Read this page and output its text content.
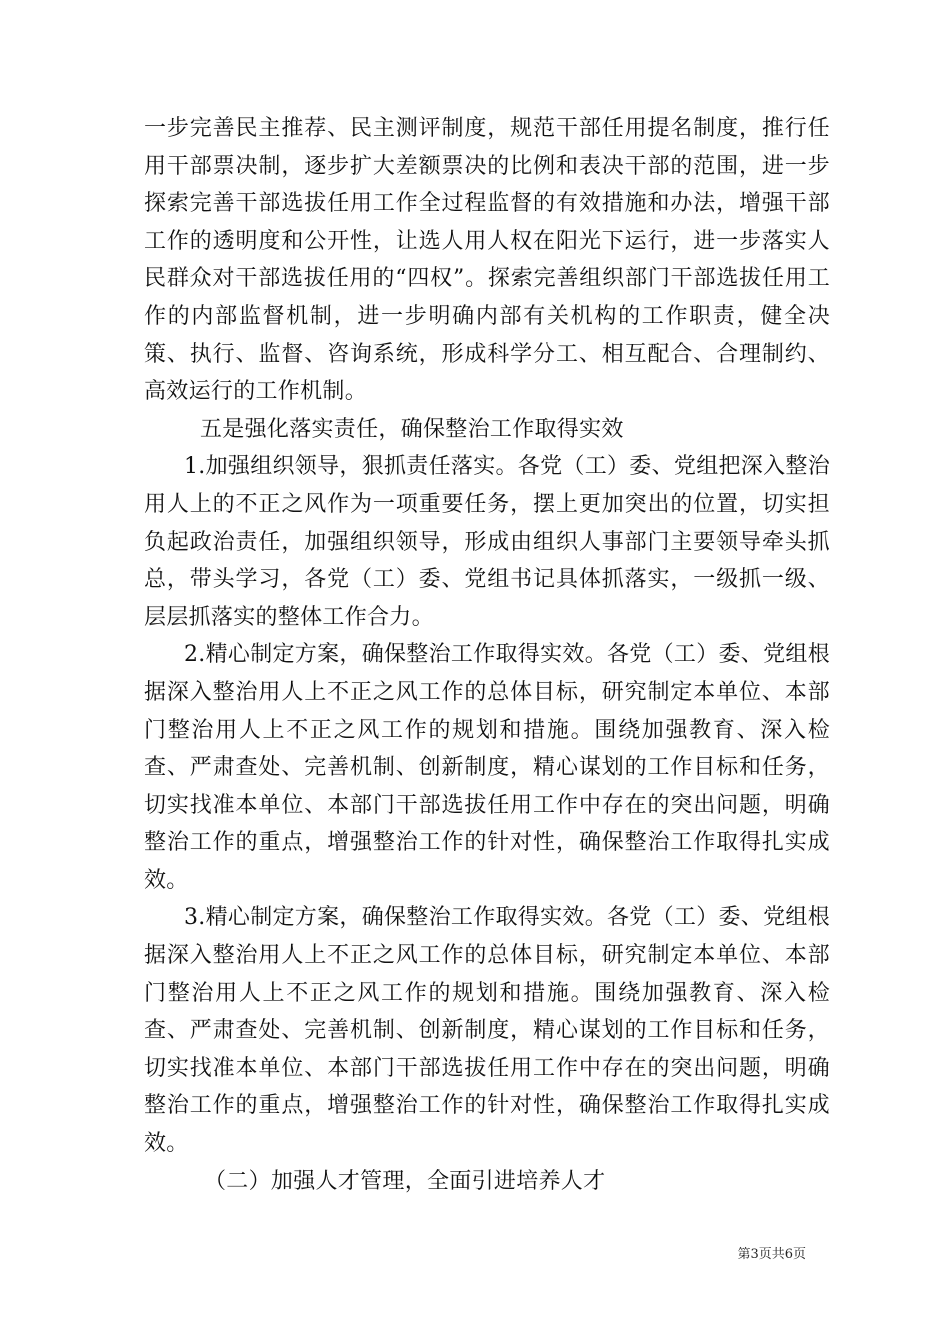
一步完善民主推荐、民主测评制度，规范干部任用提名制度，推行任用干部票决制，逐步扩大差额票决的比例和表决干部的范围，进一步探索完善干部选拔任用工作全过程监督的有效措施和办法，增强干部工作的透明度和公开性，让选人用人权在阳光下运行，进一步落实人民群众对干部选拔任用的“四权”。探索完善组织部门干部选拔任用工作的内部监督机制，进一步明确内部有关机构的工作职责，健全决策、执行、监督、咨询系统，形成科学分工、相互配合、合理制约、高效运行的工作机制。

五是强化落实责任，确保整治工作取得实效

1.加强组织领导，狠抓责任落实。各党（工）委、党组把深入整治用人上的不正之风作为一项重要任务，摆上更加突出的位置，切实担负起政治责任，加强组织领导，形成由组织人事部门主要领导牵头抓总，带头学习，各党（工）委、党组书记具体抓落实，一级抓一级、层层抓落实的整体工作合力。

2.精心制定方案，确保整治工作取得实效。各党（工）委、党组根据深入整治用人上不正之风工作的总体目标，研究制定本单位、本部门整治用人上不正之风工作的规划和措施。围绕加强教育、深入检查、严肃查处、完善机制、创新制度，精心谋划的工作目标和任务，切实找准本单位、本部门干部选拔任用工作中存在的突出问题，明确整治工作的重点，增强整治工作的针对性，确保整治工作取得扎实成效。

3.精心制定方案，确保整治工作取得实效。各党（工）委、党组根据深入整治用人上不正之风工作的总体目标，研究制定本单位、本部门整治用人上不正之风工作的规划和措施。围绕加强教育、深入检查、严肃查处、完善机制、创新制度，精心谋划的工作目标和任务，切实找准本单位、本部门干部选拔任用工作中存在的突出问题，明确整治工作的重点，增强整治工作的针对性，确保整治工作取得扎实成效。

（二）加强人才管理，全面引进培养人才

第3页共6页
